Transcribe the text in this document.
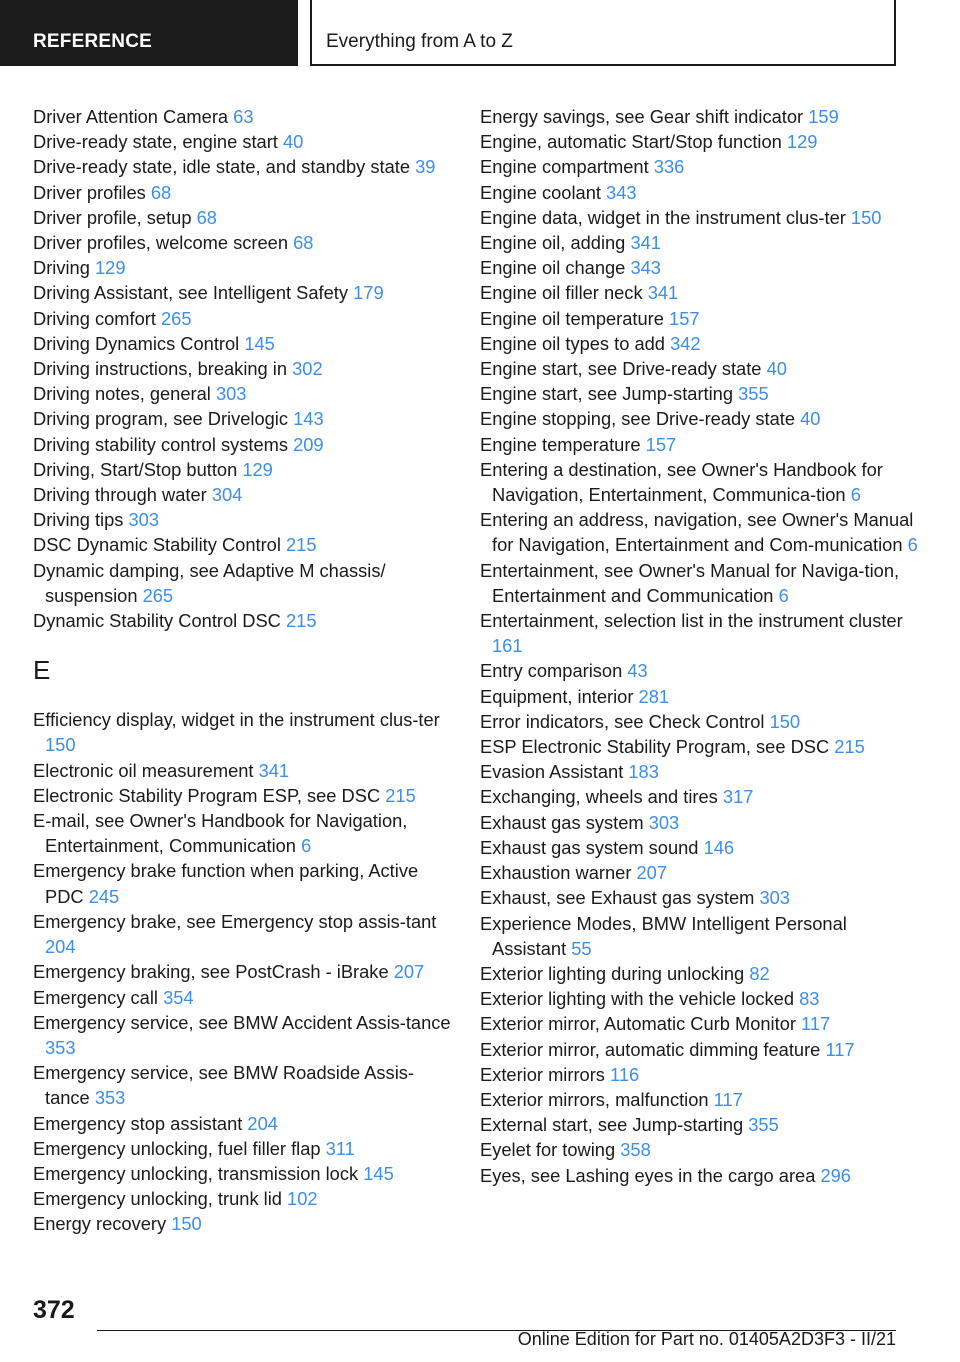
REFERENCE	Everything from A to Z
Driver Attention Camera 63
Drive-ready state, engine start 40
Drive-ready state, idle state, and standby state 39
Driver profiles 68
Driver profile, setup 68
Driver profiles, welcome screen 68
Driving 129
Driving Assistant, see Intelligent Safety 179
Driving comfort 265
Driving Dynamics Control 145
Driving instructions, breaking in 302
Driving notes, general 303
Driving program, see Drivelogic 143
Driving stability control systems 209
Driving, Start/Stop button 129
Driving through water 304
Driving tips 303
DSC Dynamic Stability Control 215
Dynamic damping, see Adaptive M chassis/ suspension 265
Dynamic Stability Control DSC 215
E
Efficiency display, widget in the instrument clus-ter 150
Electronic oil measurement 341
Electronic Stability Program ESP, see DSC 215
E-mail, see Owner's Handbook for Navigation, Entertainment, Communication 6
Emergency brake function when parking, Active PDC 245
Emergency brake, see Emergency stop assis-tant 204
Emergency braking, see PostCrash - iBrake 207
Emergency call 354
Emergency service, see BMW Accident Assis-tance 353
Emergency service, see BMW Roadside Assis-tance 353
Emergency stop assistant 204
Emergency unlocking, fuel filler flap 311
Emergency unlocking, transmission lock 145
Emergency unlocking, trunk lid 102
Energy recovery 150
Energy savings, see Gear shift indicator 159
Engine, automatic Start/Stop function 129
Engine compartment 336
Engine coolant 343
Engine data, widget in the instrument clus-ter 150
Engine oil, adding 341
Engine oil change 343
Engine oil filler neck 341
Engine oil temperature 157
Engine oil types to add 342
Engine start, see Drive-ready state 40
Engine start, see Jump-starting 355
Engine stopping, see Drive-ready state 40
Engine temperature 157
Entering a destination, see Owner's Handbook for Navigation, Entertainment, Communica-tion 6
Entering an address, navigation, see Owner's Manual for Navigation, Entertainment and Com-munication 6
Entertainment, see Owner's Manual for Naviga-tion, Entertainment and Communication 6
Entertainment, selection list in the instrument cluster 161
Entry comparison 43
Equipment, interior 281
Error indicators, see Check Control 150
ESP Electronic Stability Program, see DSC 215
Evasion Assistant 183
Exchanging, wheels and tires 317
Exhaust gas system 303
Exhaust gas system sound 146
Exhaustion warner 207
Exhaust, see Exhaust gas system 303
Experience Modes, BMW Intelligent Personal Assistant 55
Exterior lighting during unlocking 82
Exterior lighting with the vehicle locked 83
Exterior mirror, Automatic Curb Monitor 117
Exterior mirror, automatic dimming feature 117
Exterior mirrors 116
Exterior mirrors, malfunction 117
External start, see Jump-starting 355
Eyelet for towing 358
Eyes, see Lashing eyes in the cargo area 296
372
Online Edition for Part no. 01405A2D3F3 - II/21
